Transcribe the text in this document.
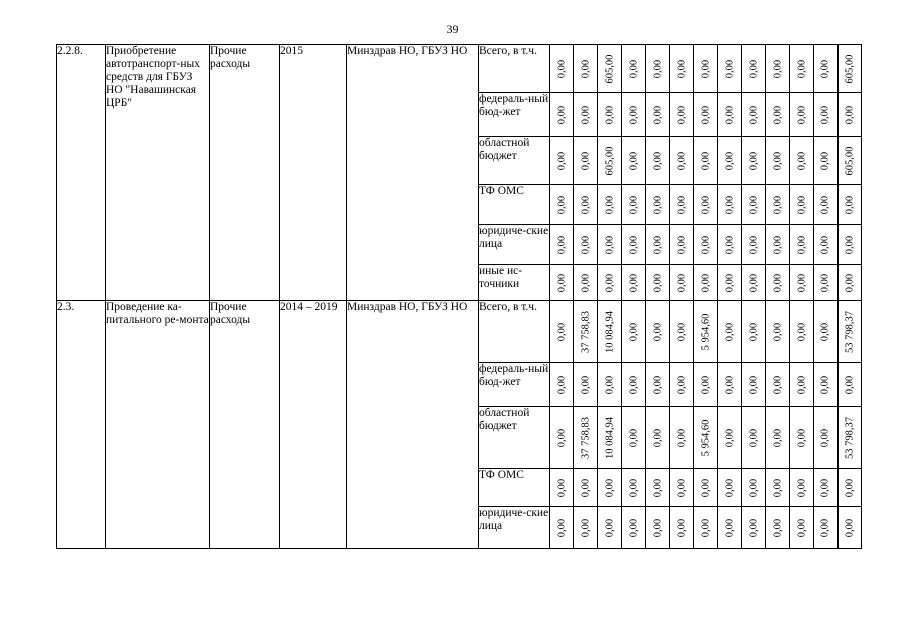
39
2.2.8.	Приобретение автотранспорт-ных средств для ГБУЗ НО "Навашинская ЦРБ"	Прочие расходы	2015	Минздрав НО, ГБУЗ НО	Всего, в т.ч.	0,00	0,00	605,00	0,00	0,00	0,00	0,00	0,00	0,00	0,00	0,00	0,00	605,00

					федераль-ный бюд-жет	0,00	0,00	0,00	0,00	0,00	0,00	0,00	0,00	0,00	0,00	0,00	0,00	0,00

					областной бюджет	0,00	0,00	605,00	0,00	0,00	0,00	0,00	0,00	0,00	0,00	0,00	0,00	605,00

					ТФ ОМС	0,00	0,00	0,00	0,00	0,00	0,00	0,00	0,00	0,00	0,00	0,00	0,00	0,00

					юридиче-ские лица	0,00	0,00	0,00	0,00	0,00	0,00	0,00	0,00	0,00	0,00	0,00	0,00	0,00

					иные ис-точники	0,00	0,00	0,00	0,00	0,00	0,00	0,00	0,00	0,00	0,00	0,00	0,00	0,00

2.3.	Проведение ка-питального ре-монта	Прочие расходы	2014 – 2019	Минздрав НО, ГБУЗ НО	Всего, в т.ч.	0,00	37 758,83	10 084,94	0,00	0,00	0,00	5 954,60	0,00	0,00	0,00	0,00	0,00	53 798,37

					федераль-ный бюд-жет	0,00	0,00	0,00	0,00	0,00	0,00	0,00	0,00	0,00	0,00	0,00	0,00	0,00

					областной бюджет	0,00	37 758,83	10 084,94	0,00	0,00	0,00	5 954,60	0,00	0,00	0,00	0,00	0,00	53 798,37

					ТФ ОМС	0,00	0,00	0,00	0,00	0,00	0,00	0,00	0,00	0,00	0,00	0,00	0,00	0,00

					юридиче-ские лица	0,00	0,00	0,00	0,00	0,00	0,00	0,00	0,00	0,00	0,00	0,00	0,00	0,00
